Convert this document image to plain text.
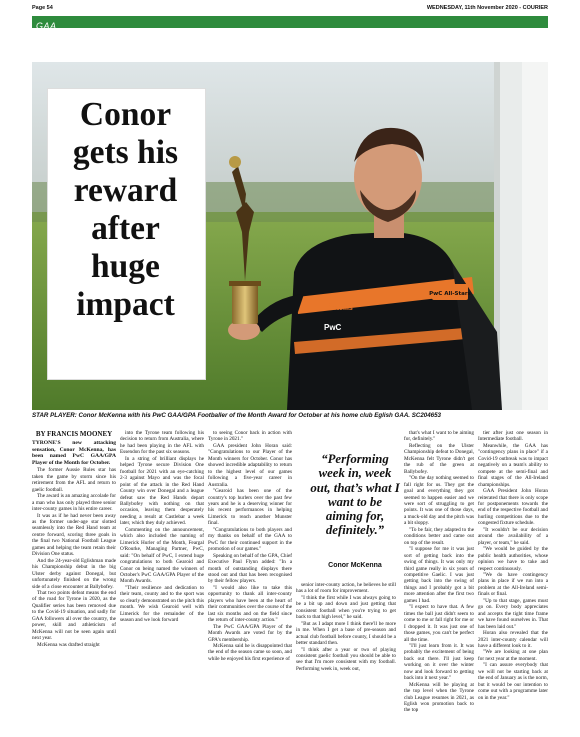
Page 54	WEDNESDAY, 11th November 2020 - COURIER
GAA
PwC All-Stars
Ó'Neills
PwC
Conor
gets his
reward
after
huge
impact
STAR PLAYER: Conor McKenna with his PwC GAA/GPA Footballer of the Month Award for October at his home club Eglish GAA. SC204653
BY FRANCIS MOONEY
TYRONE'S new attacking sensation, Conor McKenna, has been named PwC GAA/GPA Player of the Month for October.

The former Aussie Rules star has taken the game by storm since his retirement from the AFL and return to gaelic football.

The award is an amazing accolade for a man who has only played three senior inter-county games in his entire career.

It was as if he had never been away as the former under-age star slotted seamlessly into the Red Hand team at centre forward, scoring three goals in the final two National Football League games and helping the team retain their Division One status.

And the 24-year-old Eglishman made his Championship debut in the big Ulster derby against Donegal, but unfortunately finished on the wrong side of a close encounter at Ballybofey.

That two points defeat means the end of the road for Tyrone in 2020, as the Qualifier series has been removed due to the Covid-19 situation, and sadly for GAA followers all over the country, the power, skill and athleticism of McKenna will not be seen again until next year.

McKenna was drafted straight

into the Tyrone team following his decision to return from Australia, where he had been playing in the AFL with Essendon for the past six seasons.

In a string of brilliant displays he helped Tyrone secure Division One football for 2021 with an eye-catching 2-3 against Mayo and was the focal point of the attack in the Red Hand County win over Donegal and a league defeat saw the Red Hands depart Ballybofey with nothing on that occasion, leaving them desperately needing a result at Castlebar a week later, which they duly achieved.

Commenting on the announcement, which also included the naming of Limerick Hurler of the Month, Feargal O'Rourke, Managing Partner, PwC, said: "On behalf of PwC, I extend huge congratulations to both Gearoid and Conor on being named the winners of October's PwC GAA/GPA Player of the Month Awards.

"Their resilience and dedication to their team, county and to the sport was so clearly demonstrated on the pitch this month. We wish Gearoid well with Limerick for the remainder of the season and we look forward

to seeing Conor back in action with Tyrone in 2021."

GAA president John Horan said: "Congratulations to our Player of the Month winners for October. Conor has showed incredible adaptability to return to the highest level of our games following a five-year career in Australia.

"Gearoid has been one of the country's top hurlers over the past few years and he is a deserving winner for his recent performances in helping Limerick to reach another Munster final.

"Congratulations to both players and my thanks on behalf of the GAA to PwC for their continued support in the promotion of our games."

Speaking on behalf of the GPA, Chief Executive Paul Flynn added: "In a month of outstanding displays there stood out and that has been recognised by their fellow players.

"I would also like to take this opportunity to thank all inter-county players who have been at the heart of their communities over the course of the last six months and on the field since the return of inter-county action."

The PwC GAA/GPA Player of the Month Awards are voted for by the GPA's membership.

McKenna said he is disappointed that the end of the season came so soon, and while he enjoyed his first experience of

“Performing week in, week out, that’s what I want to be aiming for, definitely.”
Conor McKenna

senior inter-county action, he believes he still has a lot of room for improvement.

"I think the first while I was always going to be a bit up and down and just getting that consistent football when you're trying to get back to that high level," he said.

"But as I adapt more I think there'll be more in me. When I get a base of pre-season and actual club football before county, I should be a better standard then.

"I think after a year or two of playing consistent gaelic football you should be able to see that I'm more consistent with my football. Performing week in, week out,

that's what I want to be aiming for, definitely."

Reflecting on the Ulster Championship defeat to Donegal, McKenna felt Tyrone didn't get the rub of the green at Ballybofey.

"On the day nothing seemed to fall right for us. They got the goal and everything they got seemed to happen easier and we were sort of struggling to get points. It was one of those days, a muck-old day and the pitch was a bit sloppy.

"To be fair, they adapted to the conditions better and came out on top of the result.

"I suppose for me it was just sort of getting back into the swing of things. It was only my third game really in six years of competitive Gaelic. I was just getting back into the swing of things and I probably got a bit more attention after the first two games I had.

"I expect to have that. A few times the ball just didn't seem to come to me or fall right for me or I dropped it. It was just one of those games, you can't be perfect all the time.

"I'll just learn from it. It was probably the excitement of being back out there. I'll just keep working on it over the winter now and look forward to getting back into it next year."

McKenna will be playing at the top level when the Tyrone club League resumes in 2021, as Eglish won promotion back to the top

tier after just one season in Intermediate football.

Meanwhile, the GAA has "contingency plans in place" if a Covid-19 outbreak was to impact negatively on a team's ability to compete at the semi-final and final stages of the All-Ireland championships.

GAA President John Horan reiterated that there is only scope for postponements towards the end of the respective football and hurling competitions due to the congested fixture schedule.

"It wouldn't be our decision around the availability of a player, or team," he said.

"We would be guided by the public health authorities, whose opinion we have to take and respect continuously.

"We do have contingency plans in place if we run into a problem at the All-Ireland semi-finals or final.

"Up to that stage, games must go on. Every body appreciates and accepts the tight time frame we have found ourselves in. That has been laid out."

Horan also revealed that the 2021 inter-county calendar will have a different look to it.

"We are looking at one plan for next year at the moment.

"I can assure everybody that we will not be starting back at the end of January as is the norm, but it would be our intention to come out with a programme later on in the year."
